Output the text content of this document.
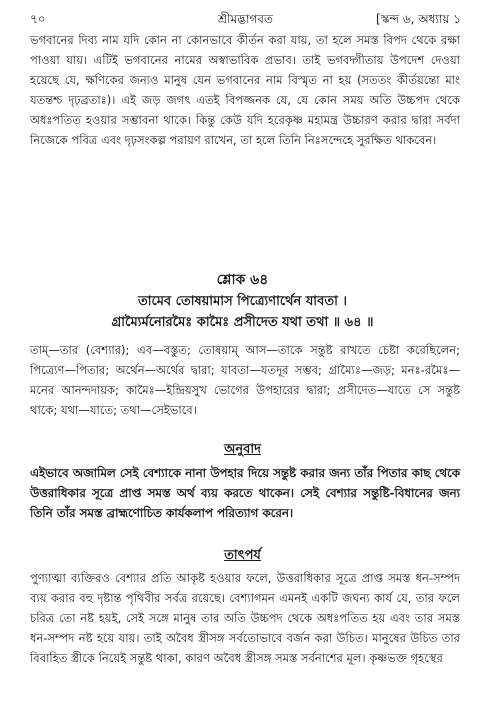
৭০	শ্রীমদ্ভাগবত	[স্কন্দ ৬, অধ্যায় ১
ভগবানের দিব্য নাম যদি কোন না কোনভাবে কীর্তন করা যায়, তা হলে সমস্ত বিপদ থেকে রক্ষা পাওয়া যায়। এটিই ভগবানের নামের অস্বাভাবিক প্রভাব। তাই ভগবদ্গীতায় উপদেশ দেওয়া হয়েছে যে, ক্ষণিকের জন্যও মানুষ যেন ভগবানের নাম বিস্মৃত না হয় (সততং কীর্তয়ন্তো মাং যতন্তশ্চ দৃঢ়ব্রতাঃ)। এই জড় জগৎ এতই বিপজ্জনক যে, যে কোন সময় অতি উচ্চপদ থেকে অধঃপতিত হওয়ার সম্ভাবনা থাকে। কিন্তু কেউ যদি হরেকৃষ্ণ মহামন্ত্র উচ্চারণ করার দ্বারা সর্বদা নিজেকে পবিত্র এবং দৃঢ়সংকল্প পরায়ণ রাখেন, তা হলে তিনি নিঃসন্দেহে সুরক্ষিত থাকবেন।
শ্লোক ৬৪
তামেব তোষয়ামাস পিত্র্যেণার্থেন যাবতা ।
গ্রাম্যৈর্মনোরমৈঃ কামৈঃ প্রসীদেত যথা তথা ॥ ৬৪ ॥
তাম্—তার (বেশ্যার); এব—বস্তুত; তোষয়াম্ আস—তাকে সন্তুষ্ট রাখতে চেষ্টা করেছিলেন; পিত্র্যেণ—পিতার; অর্থেন—অর্থের দ্বারা; যাবতা—যতদূর সম্ভব; গ্রাম্যৈঃ—জড়; মনঃ-রমৈঃ—মনের আনন্দদায়ক; কামৈঃ—ইন্দ্রিয়সুখ ভোগের উপহারের দ্বারা; প্রসীদেত—যাতে সে সন্তুষ্ট থাকে; যথা—যাতে; তথা—সেইভাবে।
অনুবাদ
এইভাবে অজামিল সেই বেশ্যাকে নানা উপহার দিয়ে সন্তুষ্ট করার জন্য তাঁর পিতার কাছ থেকে উত্তরাধিকার সূত্রে প্রাপ্ত সমস্ত অর্থ ব্যয় করতে থাকেন। সেই বেশ্যার সন্তুষ্টি-বিধানের জন্য তিনি তাঁর সমস্ত ব্রাহ্মণোচিত কার্যকলাপ পরিত্যাগ করেন।
তাৎপর্য
পুণ্যাত্মা ব্যক্তিরও বেশ্যার প্রতি আকৃষ্ট হওয়ার ফলে, উত্তরাধিকার সূত্রে প্রাপ্ত সমস্ত ধন-সম্পদ ব্যয় করার বহু দৃষ্টান্ত পৃথিবীর সর্বত্র রয়েছে। বেশ্যাগমন এমনই একটি জঘন্য কার্য যে, তার ফলে চরিত্র তো নষ্ট হয়ই, সেই সঙ্গে মানুষ তার অতি উচ্চপদ থেকে অধঃপতিত হয় এবং তার সমস্ত ধন-সম্পদ নষ্ট হয়ে যায়। তাই অবৈধ স্ত্রীসঙ্গ সর্বতোভাবে বর্জন করা উচিত। মানুষের উচিত তার বিবাহিত স্ত্রীকে নিয়েই সন্তুষ্ট থাকা, কারণ অবৈধ স্ত্রীসঙ্গ সমস্ত সর্বনাশের মূল। কৃষ্ণভক্ত গৃহস্থের
